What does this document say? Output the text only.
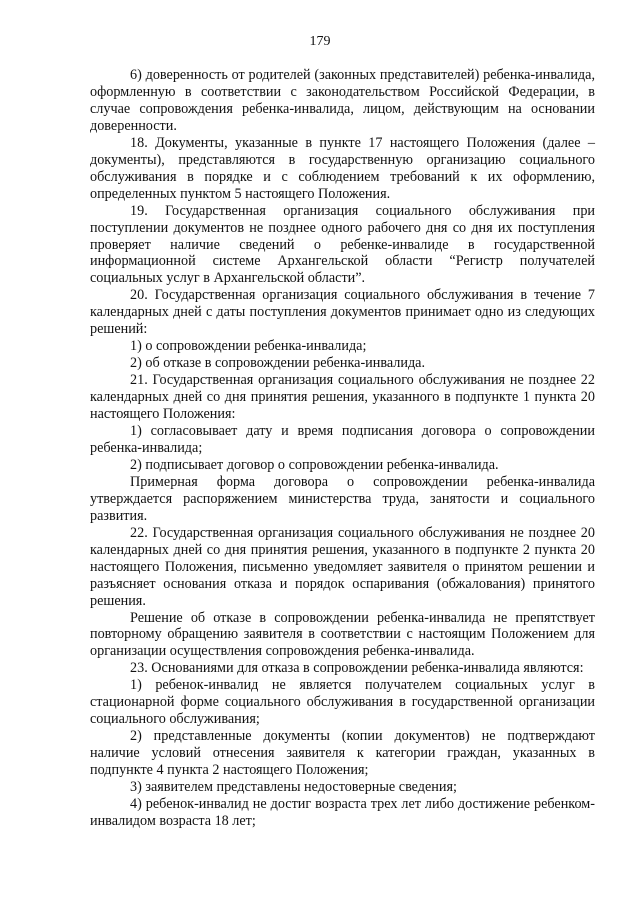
179

6) доверенность от родителей (законных представителей) ребенка-инвалида, оформленную в соответствии с законодательством Российской Федерации, в случае сопровождения ребенка-инвалида, лицом, действующим на основании доверенности.

18. Документы, указанные в пункте 17 настоящего Положения (далее – документы), представляются в государственную организацию социального обслуживания в порядке и с соблюдением требований к их оформлению, определенных пунктом 5 настоящего Положения.

19. Государственная организация социального обслуживания при поступлении документов не позднее одного рабочего дня со дня их поступления проверяет наличие сведений о ребенке-инвалиде в государственной информационной системе Архангельской области “Регистр получателей социальных услуг в Архангельской области”.

20. Государственная организация социального обслуживания в течение 7 календарных дней с даты поступления документов принимает одно из следующих решений:

1) о сопровождении ребенка-инвалида;

2) об отказе в сопровождении ребенка-инвалида.

21. Государственная организация социального обслуживания не позднее 22 календарных дней со дня принятия решения, указанного в подпункте 1 пункта 20 настоящего Положения:

1) согласовывает дату и время подписания договора о сопровождении ребенка-инвалида;

2) подписывает договор о сопровождении ребенка-инвалида.

Примерная форма договора о сопровождении ребенка-инвалида утверждается распоряжением министерства труда, занятости и социального развития.

22. Государственная организация социального обслуживания не позднее 20 календарных дней со дня принятия решения, указанного в подпункте 2 пункта 20 настоящего Положения, письменно уведомляет заявителя о принятом решении и разъясняет основания отказа и порядок оспаривания (обжалования) принятого решения.

Решение об отказе в сопровождении ребенка-инвалида не препятствует повторному обращению заявителя в соответствии с настоящим Положением для организации осуществления сопровождения ребенка-инвалида.

23. Основаниями для отказа в сопровождении ребенка-инвалида являются:

1) ребенок-инвалид не является получателем социальных услуг в стационарной форме социального обслуживания в государственной организации социального обслуживания;

2) представленные документы (копии документов) не подтверждают наличие условий отнесения заявителя к категории граждан, указанных в подпункте 4 пункта 2 настоящего Положения;

3) заявителем представлены недостоверные сведения;

4) ребенок-инвалид не достиг возраста трех лет либо достижение ребенком-инвалидом возраста 18 лет;
